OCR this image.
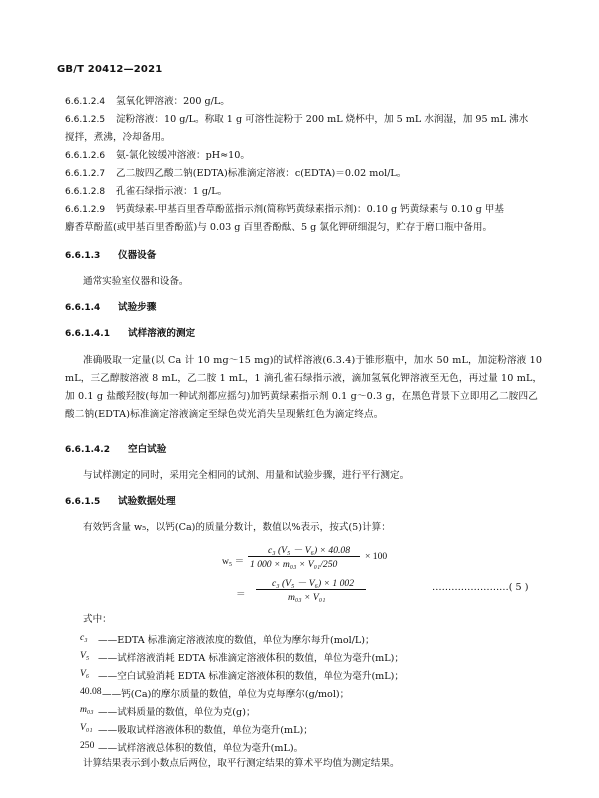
GB/T 20412—2021
6.6.1.2.4 氢氧化钾溶液：200 g/L。
6.6.1.2.5 淀粉溶液：10 g/L。称取 1 g 可溶性淀粉于 200 mL 烧杯中，加 5 mL 水润湿，加 95 mL 沸水
搅拌，煮沸，冷却备用。
6.6.1.2.6 氨-氯化铵缓冲溶液：pH≈10。
6.6.1.2.7 乙二胺四乙酸二钠(EDTA)标准滴定溶液：c(EDTA)＝0.02 mol/L。
6.6.1.2.8 孔雀石绿指示液：1 g/L。
6.6.1.2.9 钙黄绿素-甲基百里香草酚蓝指示剂(简称钙黄绿素指示剂)：0.10 g 钙黄绿素与 0.10 g 甲基
麝香草酚蓝(或甲基百里香酚蓝)与 0.03 g 百里香酚酞、5 g 氯化钾研细混匀，贮存于磨口瓶中备用。
6.6.1.3 仪器设备
通常实验室仪器和设备。
6.6.1.4 试验步骤
6.6.1.4.1 试样溶液的测定
准确吸取一定量(以 Ca 计 10 mg～15 mg)的试样溶液(6.3.4)于锥形瓶中，加水 50 mL，加淀粉溶液 10 mL，三乙醇胺溶液 8 mL，乙二胺 1 mL，1 滴孔雀石绿指示液，滴加氢氧化钾溶液至无色，再过量 10 mL，加 0.1 g 盐酸羟胺(每加一种试剂都应摇匀)加钙黄绿素指示剂 0.1 g～0.3 g，在黑色背景下立即用乙二胺四乙酸二钠(EDTA)标准滴定溶液滴定至绿色荧光消失呈现紫红色为滴定终点。
6.6.1.4.2 空白试验
与试样测定的同时，采用完全相同的试剂、用量和试验步骤，进行平行测定。
6.6.1.5 试验数据处理
有效钙含量 w₅，以钙(Ca)的质量分数计，数值以%表示，按式(5)计算：
w₅ ＝
c₃ (V₅ － V₆) × 40.08
1 000 × m₀₃ × V₀₁/250
× 100
＝
c₃ (V₅ － V₆) × 1 002
m₀₃ × V₀₁
……………………( 5 )
式中：
c₃ ——EDTA 标准滴定溶液浓度的数值，单位为摩尔每升(mol/L)；
V₅ ——试样溶液消耗 EDTA 标准滴定溶液体积的数值，单位为毫升(mL)；
V₆ ——空白试验消耗 EDTA 标准滴定溶液体积的数值，单位为毫升(mL)；
40.08 ——钙(Ca)的摩尔质量的数值，单位为克每摩尔(g/mol)；
m₀₃ ——试料质量的数值，单位为克(g)；
V₀₁ ——吸取试样溶液体积的数值，单位为毫升(mL)；
250 ——试样溶液总体积的数值，单位为毫升(mL)。
计算结果表示到小数点后两位，取平行测定结果的算术平均值为测定结果。
